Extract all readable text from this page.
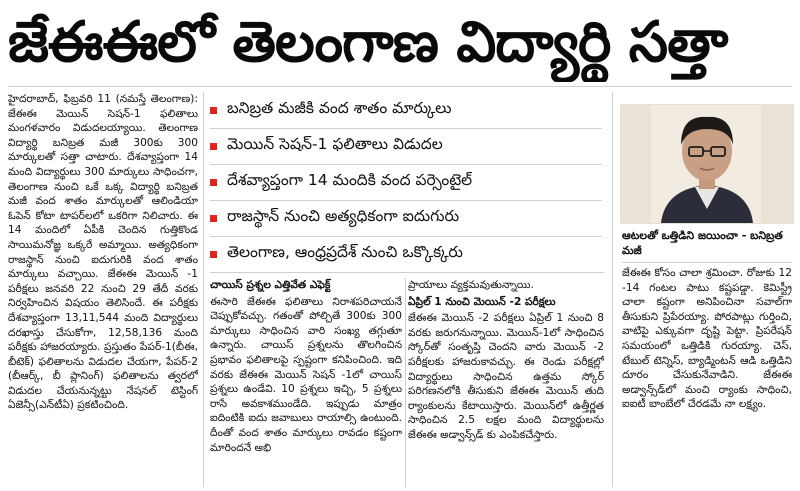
జేఈఈలో తెలంగాణ విద్యార్థి సత్తా

హైదరాబాద్‌, ఫిబ్రవరి 11 (నమస్తే తెలంగాణ): జేఈఈ మెయిన్‌ సెషన్‌-1 ఫలితాలు మంగళవారం విడుదలయ్యాయి. తెలంగాణ విద్యార్థి బనిబ్రత మజీ 300కు 300 మార్కులతో సత్తా చాటారు. దేశవ్యాప్తంగా 14 మంది విద్యార్థులు 300 మార్కులు సాధించగా, తెలంగాణ నుంచి ఒకే ఒక్క విద్యార్థి బనిబ్రత మజీ వంద శాతం మార్కులతో ఆలిండియా ఓపెన్‌ కోటా టాపర్‌లలో ఒకరిగా నిలిచారు. ఈ 14 మందిలో ఏపీకి చెందిన గుత్తికొండ సాయిమనోజ్ఞ ఒక్కరే అమ్మాయి. అత్యధికంగా రాజస్థాన్‌ నుంచి ఐదుగురికి వంద శాతం మార్కులు వచ్చాయి. జేఈఈ మెయిన్‌ -1 పరీక్షలు జనవరి 22 నుంచి 29 తేదీ వరకు నిర్వహించిన విషయం తెలిసిందే. ఈ పరీక్షకు దేశవ్యాప్తంగా 13,11,544 మంది విద్యార్థులు దరఖాస్తు చేసుకోగా, 12,58,136 మంది పరీక్షకు హాజరయ్యారు. ప్రస్తుతం పేపర్‌-1(బీఈ, బీటెక్‌) ఫలితాలను విడుదల చేయగా, పేపర్‌-2 (బీఆర్క్‌, బీ ప్లానింగ్‌) ఫలితాలను త్వరలో విడుదల చేయనున్నట్టు నేషనల్‌ టెస్టింగ్‌ ఏజెన్సీ(ఎన్‌టీఏ) ప్రకటించింది.

బనిబ్రత మజీకి వంద శాతం మార్కులు
మెయిన్ సెషన్‌-1 ఫలితాలు విడుదల
దేశవ్యాప్తంగా 14 మందికి వంద పర్సెంటైల్
రాజస్థాన్ నుంచి అత్యధికంగా ఐదుగురు
తెలంగాణ, ఆంధ్రప్రదేశ్ నుంచి ఒక్కొక్కరు
ఆటలతో ఒత్తిడిని జయించా - బనిబ్రత మజీ
చాయిస్‌ ప్రశ్నల ఎత్తివేత ఎఫెక్ట్‌
ఈసారి జేఈఈ ఫలితాలు నిరాశపరిచాయనే చెప్పుకోవచ్చు. గతంతో పోల్చితే 300కు 300 మార్కులు సాధించిన వారి సంఖ్య తగ్గుతూ ఉన్నారు. చాయిస్‌ ప్రశ్నలను తొలగించిన ప్రభావం ఫలితాలపై స్పష్టంగా కనిపించింది. ఇది వరకు జేఈఈ మెయిన్‌ సెషన్‌ -1లో చాయిస్‌ ప్రశ్నలు ఉండేవి. 10 ప్రశ్నలు ఇచ్చి, 5 ప్రశ్నలు రాసే అవకాశముండేది. ఇప్పుడు మాత్రం ఐదింటికి ఐదు జవాబులు రాయాల్సి ఉంటుంది. దీంతో వంద శాతం మార్కులు రావడం కష్టంగా మారిందనే అభి
ప్రాయాలు వ్యక్తమవుతున్నాయి.
ఏప్రిల్‌ 1 నుంచి మెయిన్‌ -2 పరీక్షలు
జేఈఈ మెయిన్‌ -2 పరీక్షలు ఏప్రిల్‌ 1 నుంచి 8 వరకు జరుగనున్నాయి. మెయిన్‌-1లో సాధించిన స్కోర్‌తో సంతృప్తి చెందని వారు మెయిన్‌ -2 పరీక్షలకు హాజరుకావచ్చు. ఈ రెండు పరీక్షల్లో విద్యార్థులు సాధించిన ఉత్తమ స్కోర్‌ పరిగణనలోకి తీసుకుని జేఈఈ మెయిన్‌ తుది ర్యాంకులను కేటాయిస్తారు. మెయిన్‌లో ఉత్తీర్ణత సాధించిన 2.5 లక్షల మంది విద్యార్థులను జేఈఈ అడ్వాన్స్‌డ్‌ కు ఎంపికచేస్తారు.
జేఈఈ కోసం చాలా శ్రమించా. రోజుకు 12 -14 గంటల పాటు కష్టపడ్డా. కెమిస్ట్రీ చాలా కష్టంగా అనిపించినా సవాల్‌గా తీసుకుని ప్రిపేరయ్యా. పోరపాట్లు గుర్తించి, వాటిపై ఎక్కువగా దృష్టి పెట్టా. ప్రిపరేషన్‌ సమయంలో ఒత్తిడికి గురయ్యా. చెస్‌, టేబుల్‌ టెన్నిస్‌, బ్యాడ్మింటన్‌ ఆడి ఒత్తిడిని దూరం చేసుకునేవాడిని. జేఈఈ అడ్వాన్స్‌డ్‌లో మంచి ర్యాంకు సాధించి, ఐఐటీ బాంబేలో చేరడమే నా లక్ష్యం.
